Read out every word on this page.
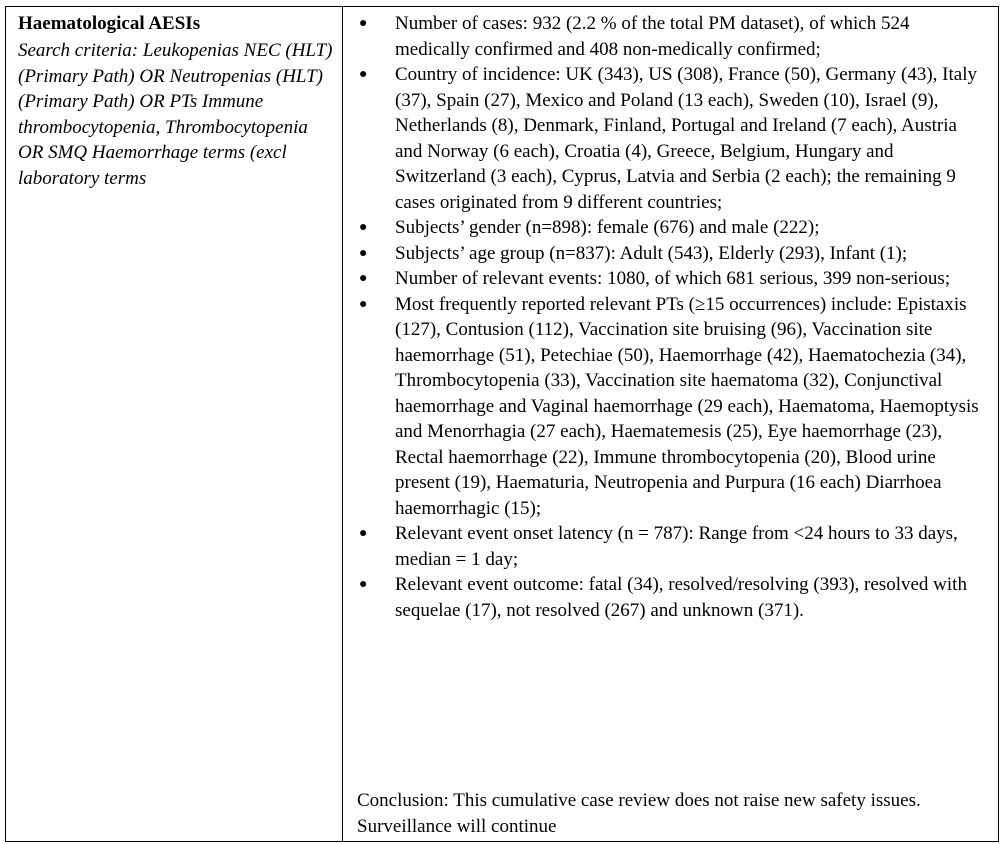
Haematological AESIs

Search criteria: Leukopenias NEC (HLT) (Primary Path) OR Neutropenias (HLT) (Primary Path) OR PTs Immune thrombocytopenia, Thrombocytopenia OR SMQ Haemorrhage terms (excl laboratory terms

● Number of cases: 932 (2.2 % of the total PM dataset), of which 524 medically confirmed and 408 non-medically confirmed;
● Country of incidence: UK (343), US (308), France (50), Germany (43), Italy (37), Spain (27), Mexico and Poland (13 each), Sweden (10), Israel (9), Netherlands (8), Denmark, Finland, Portugal and Ireland (7 each), Austria and Norway (6 each), Croatia (4), Greece, Belgium, Hungary and Switzerland (3 each), Cyprus, Latvia and Serbia (2 each); the remaining 9 cases originated from 9 different countries;
● Subjects’ gender (n=898): female (676) and male (222);
● Subjects’ age group (n=837): Adult (543), Elderly (293), Infant (1);
● Number of relevant events: 1080, of which 681 serious, 399 non-serious;
● Most frequently reported relevant PTs (≥15 occurrences) include: Epistaxis (127), Contusion (112), Vaccination site bruising (96), Vaccination site haemorrhage (51), Petechiae (50), Haemorrhage (42), Haematochezia (34), Thrombocytopenia (33), Vaccination site haematoma (32), Conjunctival haemorrhage and Vaginal haemorrhage (29 each), Haematoma, Haemoptysis and Menorrhagia (27 each), Haematemesis (25), Eye haemorrhage (23), Rectal haemorrhage (22), Immune thrombocytopenia (20), Blood urine present (19), Haematuria, Neutropenia and Purpura (16 each) Diarrhoea haemorrhagic (15);
● Relevant event onset latency (n = 787): Range from <24 hours to 33 days, median = 1 day;
● Relevant event outcome: fatal (34), resolved/resolving (393), resolved with sequelae (17), not resolved (267) and unknown (371).

Conclusion: This cumulative case review does not raise new safety issues. Surveillance will continue
